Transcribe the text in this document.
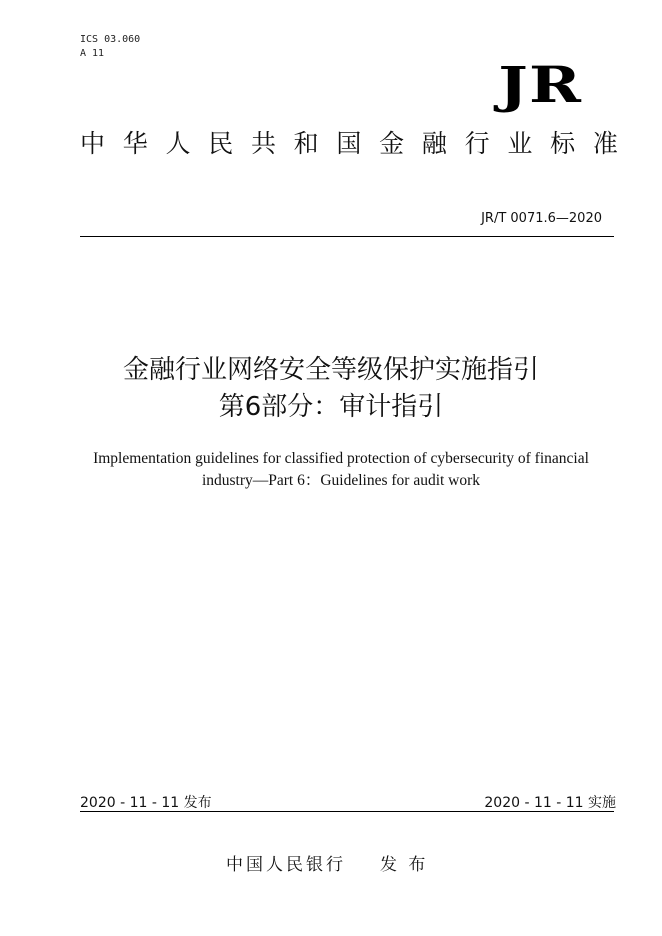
ICS 03.060
A 11
JR
中 华 人 民 共 和 国 金 融 行 业 标 准
JR/T 0071.6—2020
金融行业网络安全等级保护实施指引
第6部分：审计指引
Implementation guidelines for classified protection of cybersecurity of financial
industry—Part 6：Guidelines for audit work
2020 - 11 - 11 发布	2020 - 11 - 11 实施
中国人民银行 发 布
